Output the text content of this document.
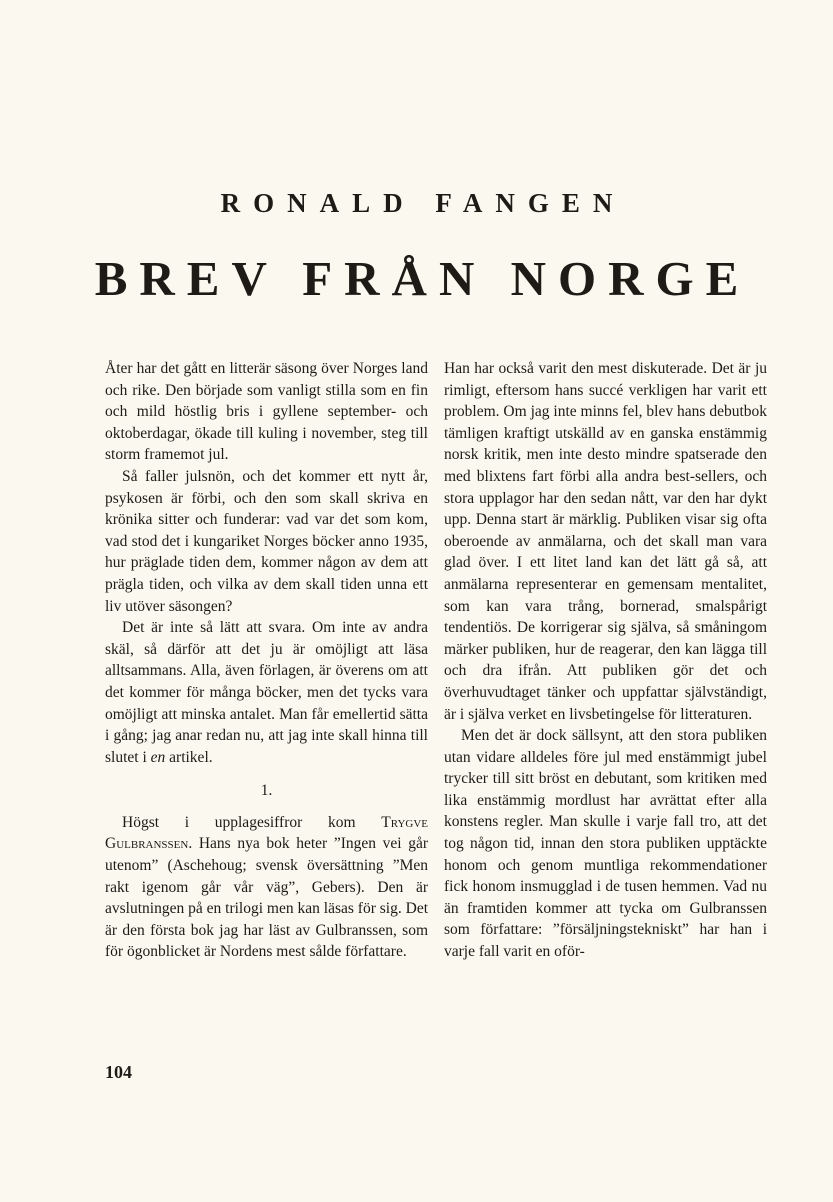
RONALD FANGEN
BREV FRÅN NORGE

Åter har det gått en litterär säsong över Norges land och rike. Den började som vanligt stilla som en fin och mild höstlig bris i gyllene september- och oktoberdagar, ökade till kuling i november, steg till storm framemot jul.

Så faller julsnön, och det kommer ett nytt år, psykosen är förbi, och den som skall skriva en krönika sitter och funderar: vad var det som kom, vad stod det i kungariket Norges böcker anno 1935, hur präglade tiden dem, kommer någon av dem att prägla tiden, och vilka av dem skall tiden unna ett liv utöver säsongen?

Det är inte så lätt att svara. Om inte av andra skäl, så därför att det ju är omöjligt att läsa alltsammans. Alla, även förlagen, är överens om att det kommer för många böcker, men det tycks vara omöjligt att minska antalet. Man får emellertid sätta i gång; jag anar redan nu, att jag inte skall hinna till slutet i en artikel.

1.

Högst i upplagesiffror kom Trygve Gulbranssen. Hans nya bok heter ”Ingen vei går utenom” (Aschehoug; svensk översättning ”Men rakt igenom går vår väg”, Gebers). Den är avslutningen på en trilogi men kan läsas för sig. Det är den första bok jag har läst av Gulbranssen, som för ögonblicket är Nordens mest sålde författare.

Han har också varit den mest diskuterade. Det är ju rimligt, eftersom hans succé verkligen har varit ett problem. Om jag inte minns fel, blev hans debutbok tämligen kraftigt utskälld av en ganska enstämmig norsk kritik, men inte desto mindre spatserade den med blixtens fart förbi alla andra best-sellers, och stora upplagor har den sedan nått, var den har dykt upp. Denna start är märklig. Publiken visar sig ofta oberoende av anmälarna, och det skall man vara glad över. I ett litet land kan det lätt gå så, att anmälarna representerar en gemensam mentalitet, som kan vara trång, bornerad, smalspårigt tendentiös. De korrigerar sig själva, så småningom märker publiken, hur de reagerar, den kan lägga till och dra ifrån. Att publiken gör det och överhuvudtaget tänker och uppfattar självständigt, är i själva verket en livsbetingelse för litteraturen.

Men det är dock sällsynt, att den stora publiken utan vidare alldeles före jul med enstämmigt jubel trycker till sitt bröst en debutant, som kritiken med lika enstämmig mordlust har avrättat efter alla konstens regler. Man skulle i varje fall tro, att det tog någon tid, innan den stora publiken upptäckte honom och genom muntliga rekommendationer fick honom insmugglad i de tusen hemmen. Vad nu än framtiden kommer att tycka om Gulbranssen som författare: ”försäljningstekniskt” har han i varje fall varit en oför-

104
